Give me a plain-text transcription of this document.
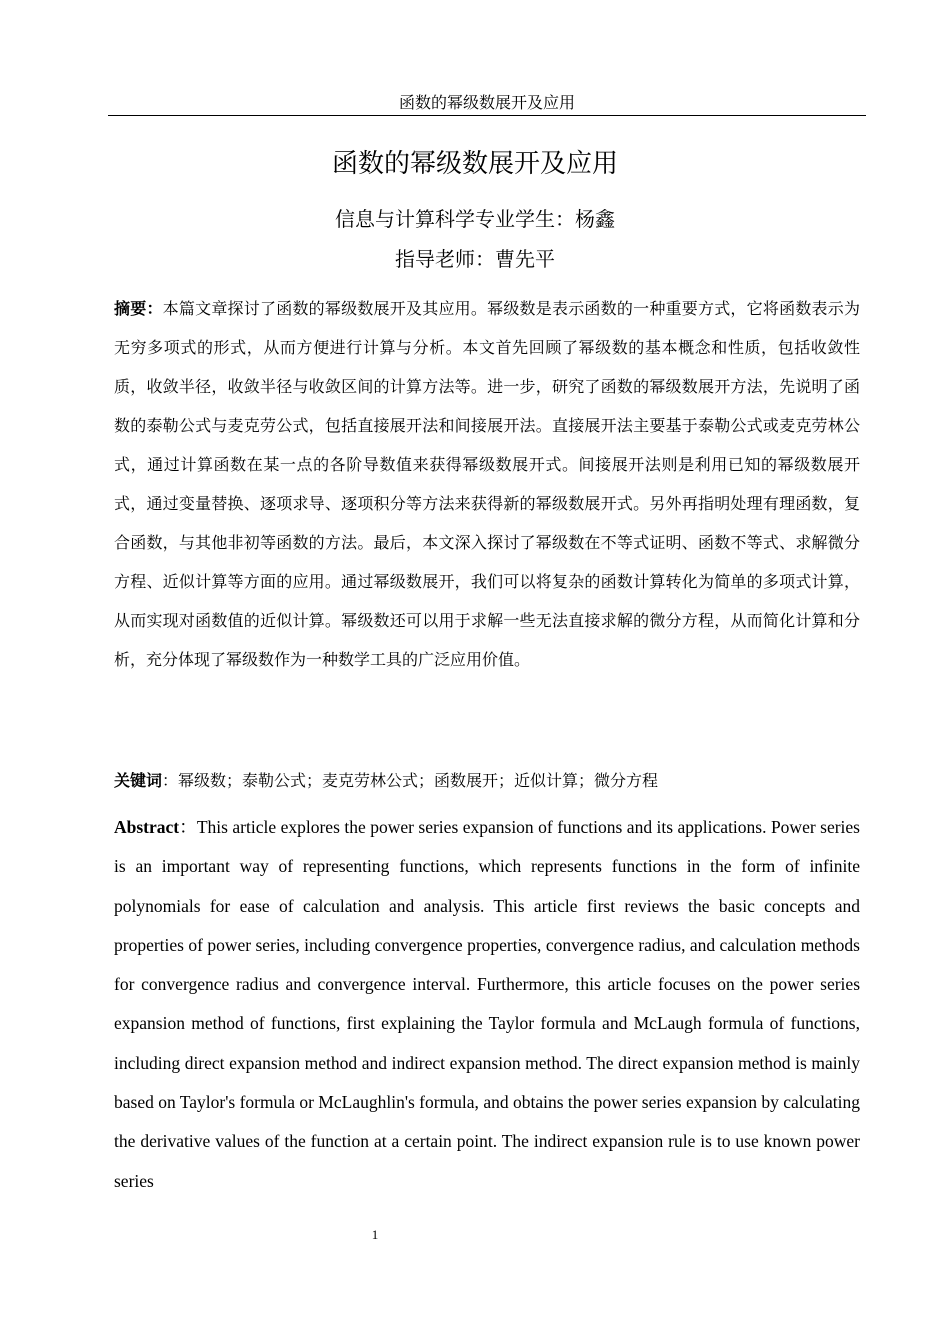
函数的幂级数展开及应用
函数的幂级数展开及应用
信息与计算科学专业学生：杨鑫
指导老师：曹先平
摘要：本篇文章探讨了函数的幂级数展开及其应用。幂级数是表示函数的一种重要方式，它将函数表示为无穷多项式的形式，从而方便进行计算与分析。本文首先回顾了幂级数的基本概念和性质，包括收敛性质，收敛半径，收敛半径与收敛区间的计算方法等。进一步，研究了函数的幂级数展开方法，先说明了函数的泰勒公式与麦克劳公式，包括直接展开法和间接展开法。直接展开法主要基于泰勒公式或麦克劳林公式，通过计算函数在某一点的各阶导数值来获得幂级数展开式。间接展开法则是利用已知的幂级数展开式，通过变量替换、逐项求导、逐项积分等方法来获得新的幂级数展开式。另外再指明处理有理函数，复合函数，与其他非初等函数的方法。最后，本文深入探讨了幂级数在不等式证明、函数不等式、求解微分方程、近似计算等方面的应用。通过幂级数展开，我们可以将复杂的函数计算转化为简单的多项式计算，从而实现对函数值的近似计算。幂级数还可以用于求解一些无法直接求解的微分方程，从而简化计算和分析，充分体现了幂级数作为一种数学工具的广泛应用价值。
关键词：幂级数；泰勒公式；麦克劳林公式；函数展开；近似计算；微分方程
Abstract：This article explores the power series expansion of functions and its applications. Power series is an important way of representing functions, which represents functions in the form of infinite polynomials for ease of calculation and analysis. This article first reviews the basic concepts and properties of power series, including convergence properties, convergence radius, and calculation methods for convergence radius and convergence interval. Furthermore, this article focuses on the power series expansion method of functions, first explaining the Taylor formula and McLaugh formula of functions, including direct expansion method and indirect expansion method. The direct expansion method is mainly based on Taylor's formula or McLaughlin's formula, and obtains the power series expansion by calculating the derivative values of the function at a certain point. The indirect expansion rule is to use known power series
1
